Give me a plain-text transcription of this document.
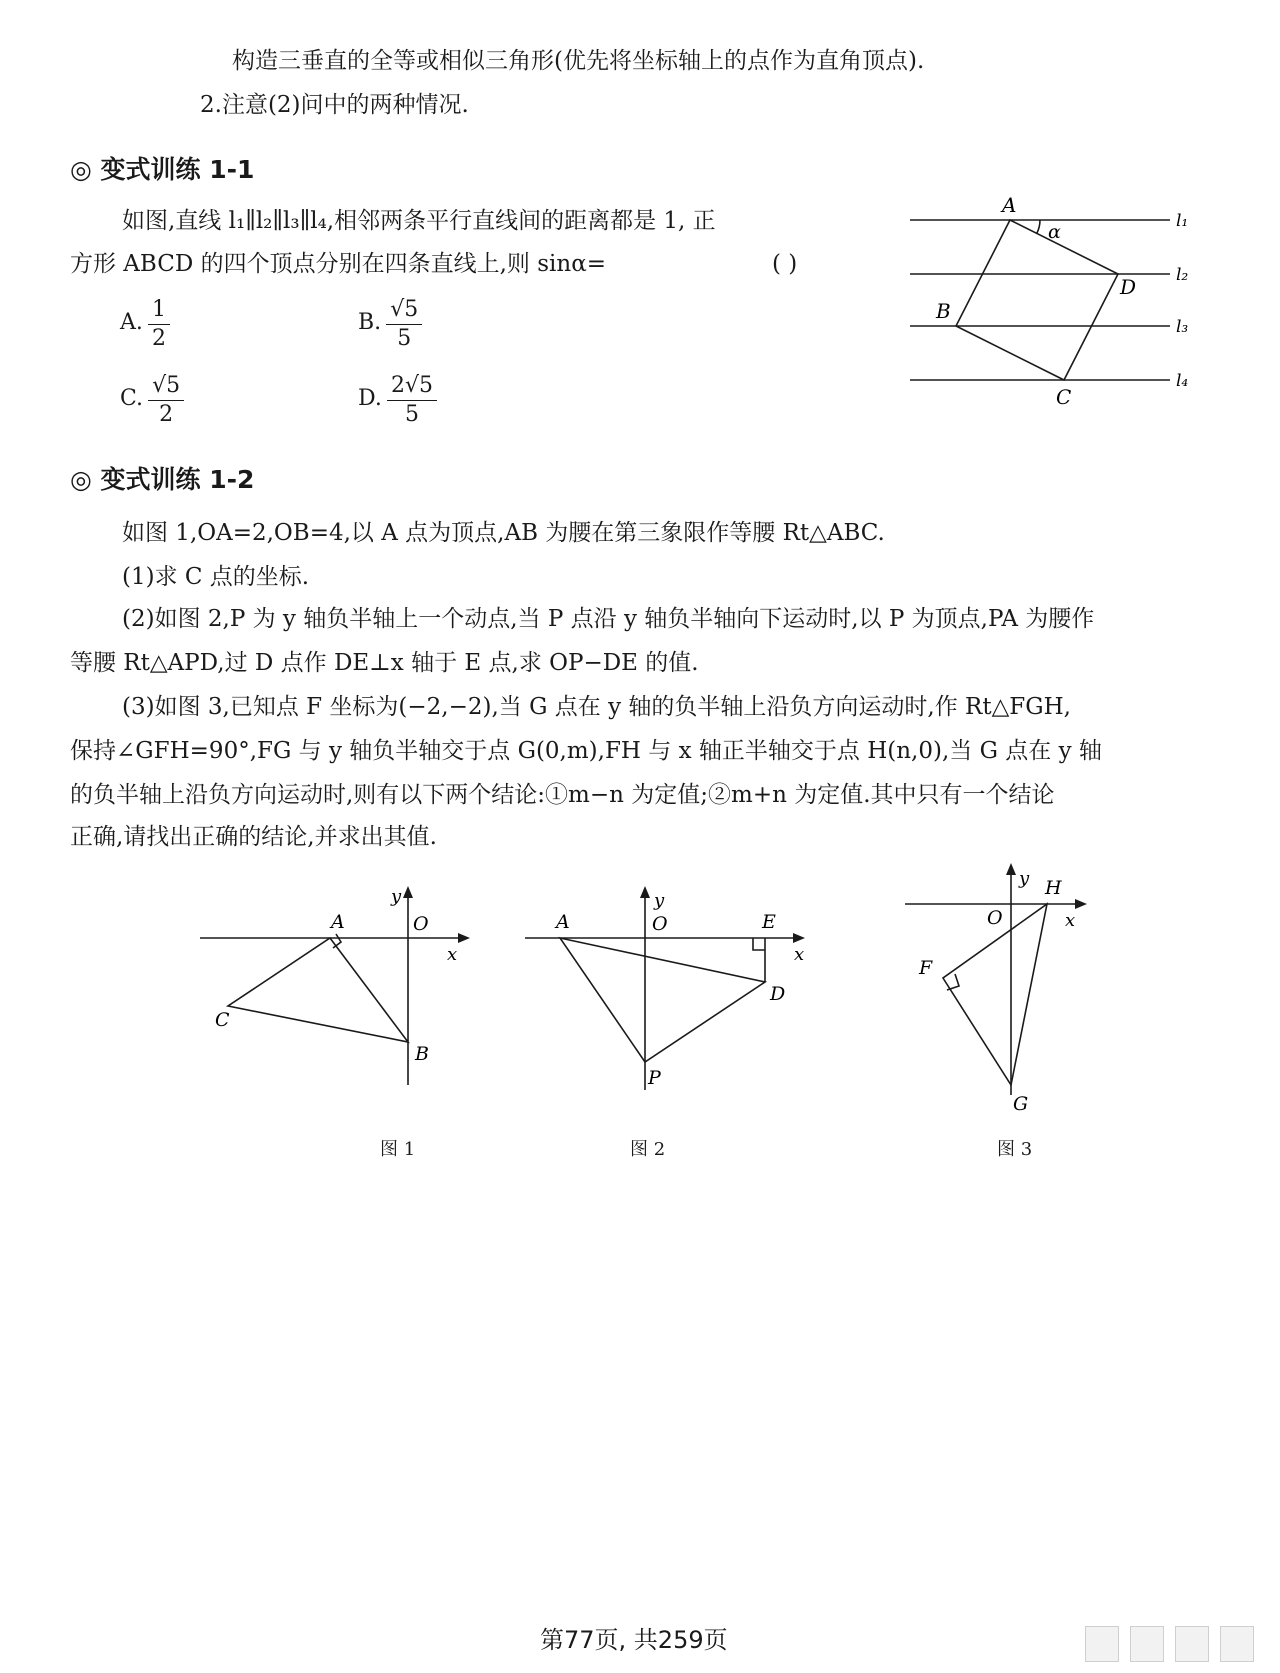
构造三垂直的全等或相似三角形(优先将坐标轴上的点作为直角顶点).
2.注意(2)问中的两种情况.
◎ 变式训练 1-1
如图,直线 l₁∥l₂∥l₃∥l₄,相邻两条平行直线间的距离都是 1, 正
方形 ABCD 的四个顶点分别在四条直线上,则 sinα=	( )
A. $\frac{1}{2}$	B. $\frac{√5}{5}$
C. $\frac{√5}{2}$	D. $\frac{2√5}{5}$
A
α
D
B
C
l₁
l₂
l₃
l₄
◎ 变式训练 1-2
如图 1,OA=2,OB=4,以 A 点为顶点,AB 为腰在第三象限作等腰 Rt△ABC.
(1)求 C 点的坐标.
(2)如图 2,P 为 y 轴负半轴上一个动点,当 P 点沿 y 轴负半轴向下运动时,以 P 为顶点,PA 为腰作
等腰 Rt△APD,过 D 点作 DE⊥x 轴于 E 点,求 OP−DE 的值.
(3)如图 3,已知点 F 坐标为(−2,−2),当 G 点在 y 轴的负半轴上沿负方向运动时,作 Rt△FGH,
保持∠GFH=90°,FG 与 y 轴负半轴交于点 G(0,m),FH 与 x 轴正半轴交于点 H(n,0),当 G 点在 y 轴
的负半轴上沿负方向运动时,则有以下两个结论:①m−n 为定值;②m+n 为定值.其中只有一个结论
正确,请找出正确的结论,并求出其值.
y
O
A
x
C
B
图 1
y
O
A	E
x
D
P
图 2
y H
O	x
F
G
图 3
第77页, 共259页
